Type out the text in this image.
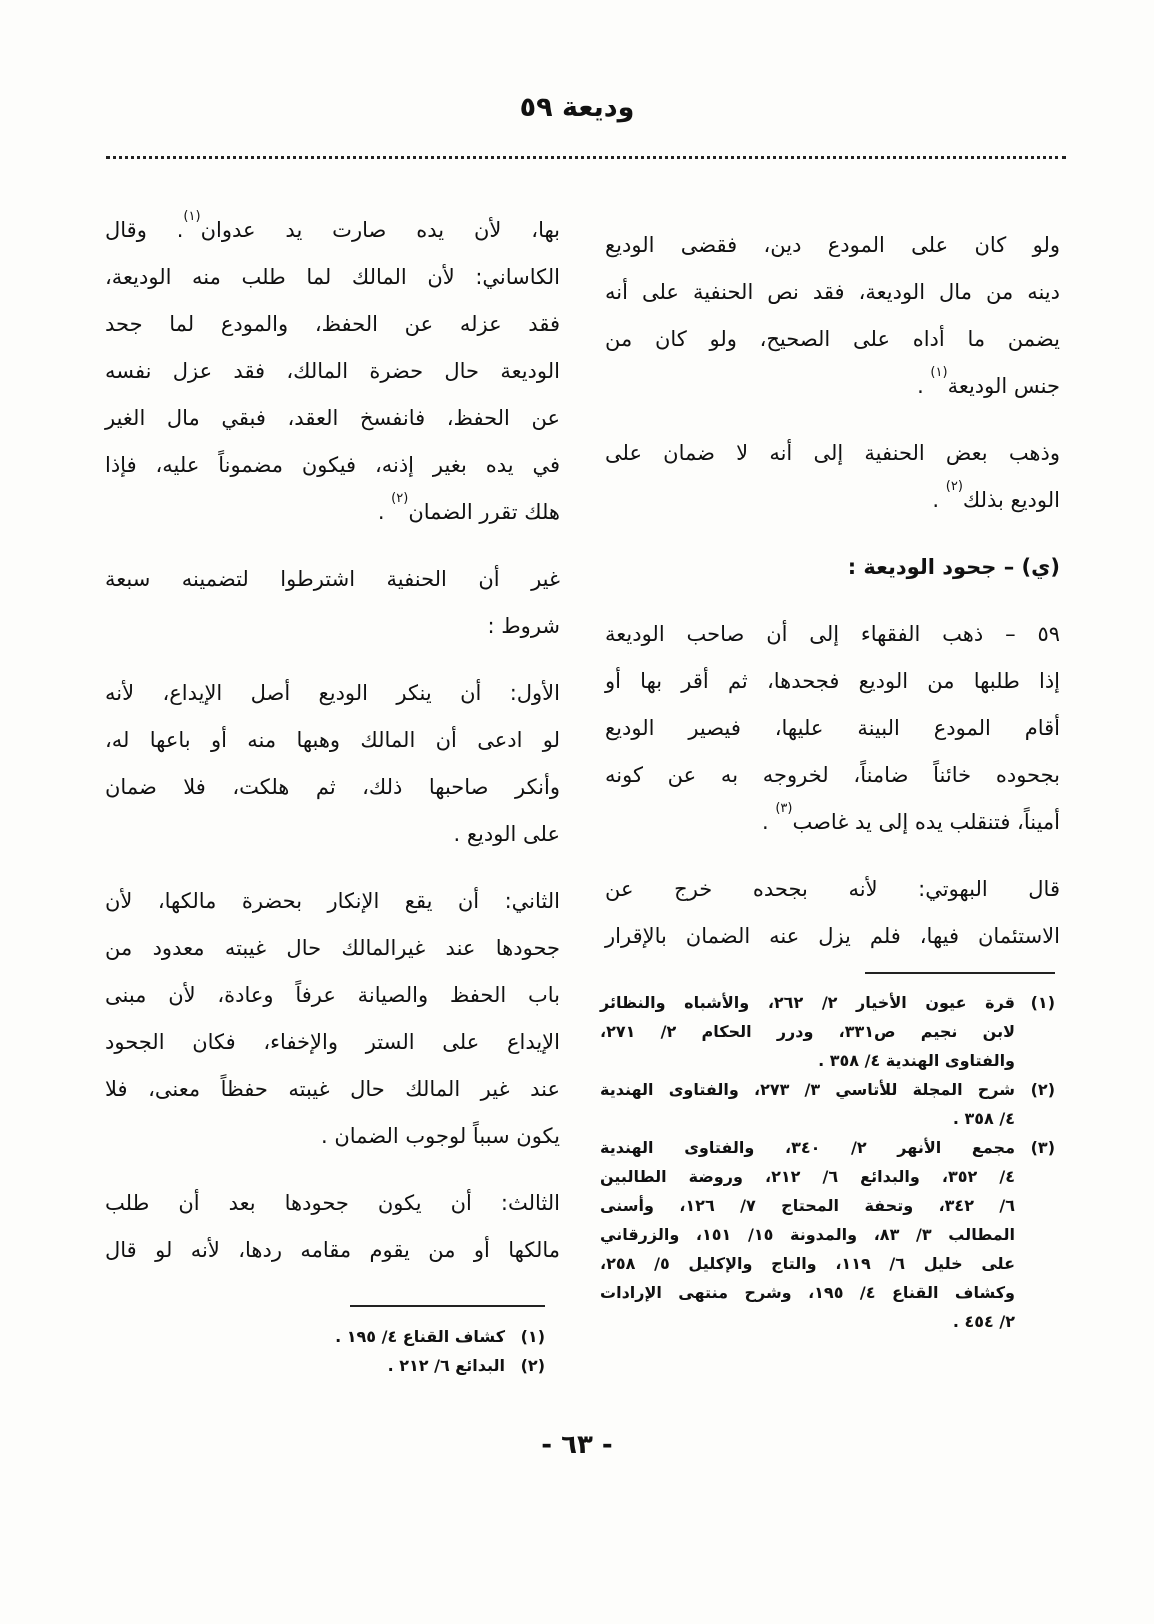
وديعة ٥٩
ولو كان على المودع دين، فقضى الوديع
دينه من مال الوديعة، فقد نص الحنفية على أنه
يضمن ما أداه على الصحيح، ولو كان من
جنس الوديعة$^{(١)}$ .
وذهب بعض الحنفية إلى أنه لا ضمان على
الوديع بذلك$^{(٢)}$ .
(ي) – جحود الوديعة :
٥٩ – ذهب الفقهاء إلى أن صاحب الوديعة
إذا طلبها من الوديع فجحدها، ثم أقر بها أو
أقام المودع البينة عليها، فيصير الوديع
بجحوده خائناً ضامناً، لخروجه به عن كونه
أميناً، فتنقلب يده إلى يد غاصب$^{(٣)}$ .
قال البهوتي: لأنه بجحده خرج عن
الاستئمان فيها، فلم يزل عنه الضمان بالإقرار
بها، لأن يده صارت يد عدوان$^{(١)}$. وقال
الكاساني: لأن المالك لما طلب منه الوديعة،
فقد عزله عن الحفظ، والمودع لما جحد
الوديعة حال حضرة المالك، فقد عزل نفسه
عن الحفظ، فانفسخ العقد، فبقي مال الغير
في يده بغير إذنه، فيكون مضموناً عليه، فإذا
هلك تقرر الضمان$^{(٢)}$ .
غير أن الحنفية اشترطوا لتضمينه سبعة
شروط :
الأول: أن ينكر الوديع أصل الإيداع، لأنه
لو ادعى أن المالك وهبها منه أو باعها له،
وأنكر صاحبها ذلك، ثم هلكت، فلا ضمان
على الوديع .
الثاني: أن يقع الإنكار بحضرة مالكها، لأن
جحودها عند غيرالمالك حال غيبته معدود من
باب الحفظ والصيانة عرفاً وعادة، لأن مبنى
الإيداع على الستر والإخفاء، فكان الجحود
عند غير المالك حال غيبته حفظاً معنى، فلا
يكون سبباً لوجوب الضمان .
الثالث: أن يكون جحودها بعد أن طلب
مالكها أو من يقوم مقامه ردها، لأنه لو قال
(١)
قرة عيون الأخيار ٢/ ٢٦٢، والأشباه والنظائر
لابن نجيم ص٣٣١، ودرر الحكام ٢/ ٢٧١،
والفتاوى الهندية ٤/ ٣٥٨ .
(٢)
شرح المجلة للأتاسي ٣/ ٢٧٣، والفتاوى الهندية
٤/ ٣٥٨ .
(٣)
مجمع الأنهر ٢/ ٣٤٠، والفتاوى الهندية
٤/ ٣٥٢، والبدائع ٦/ ٢١٢، وروضة الطالبين
٦/ ٣٤٢، وتحفة المحتاج ٧/ ١٢٦، وأسنى
المطالب ٣/ ٨٣، والمدونة ١٥/ ١٥١، والزرقاني
على خليل ٦/ ١١٩، والتاج والإكليل ٥/ ٢٥٨،
وكشاف القناع ٤/ ١٩٥، وشرح منتهى الإرادات
٢/ ٤٥٤ .
(١)
كشاف القناع ٤/ ١٩٥ .
(٢)
البدائع ٦/ ٢١٢ .
- ٦٣ -
